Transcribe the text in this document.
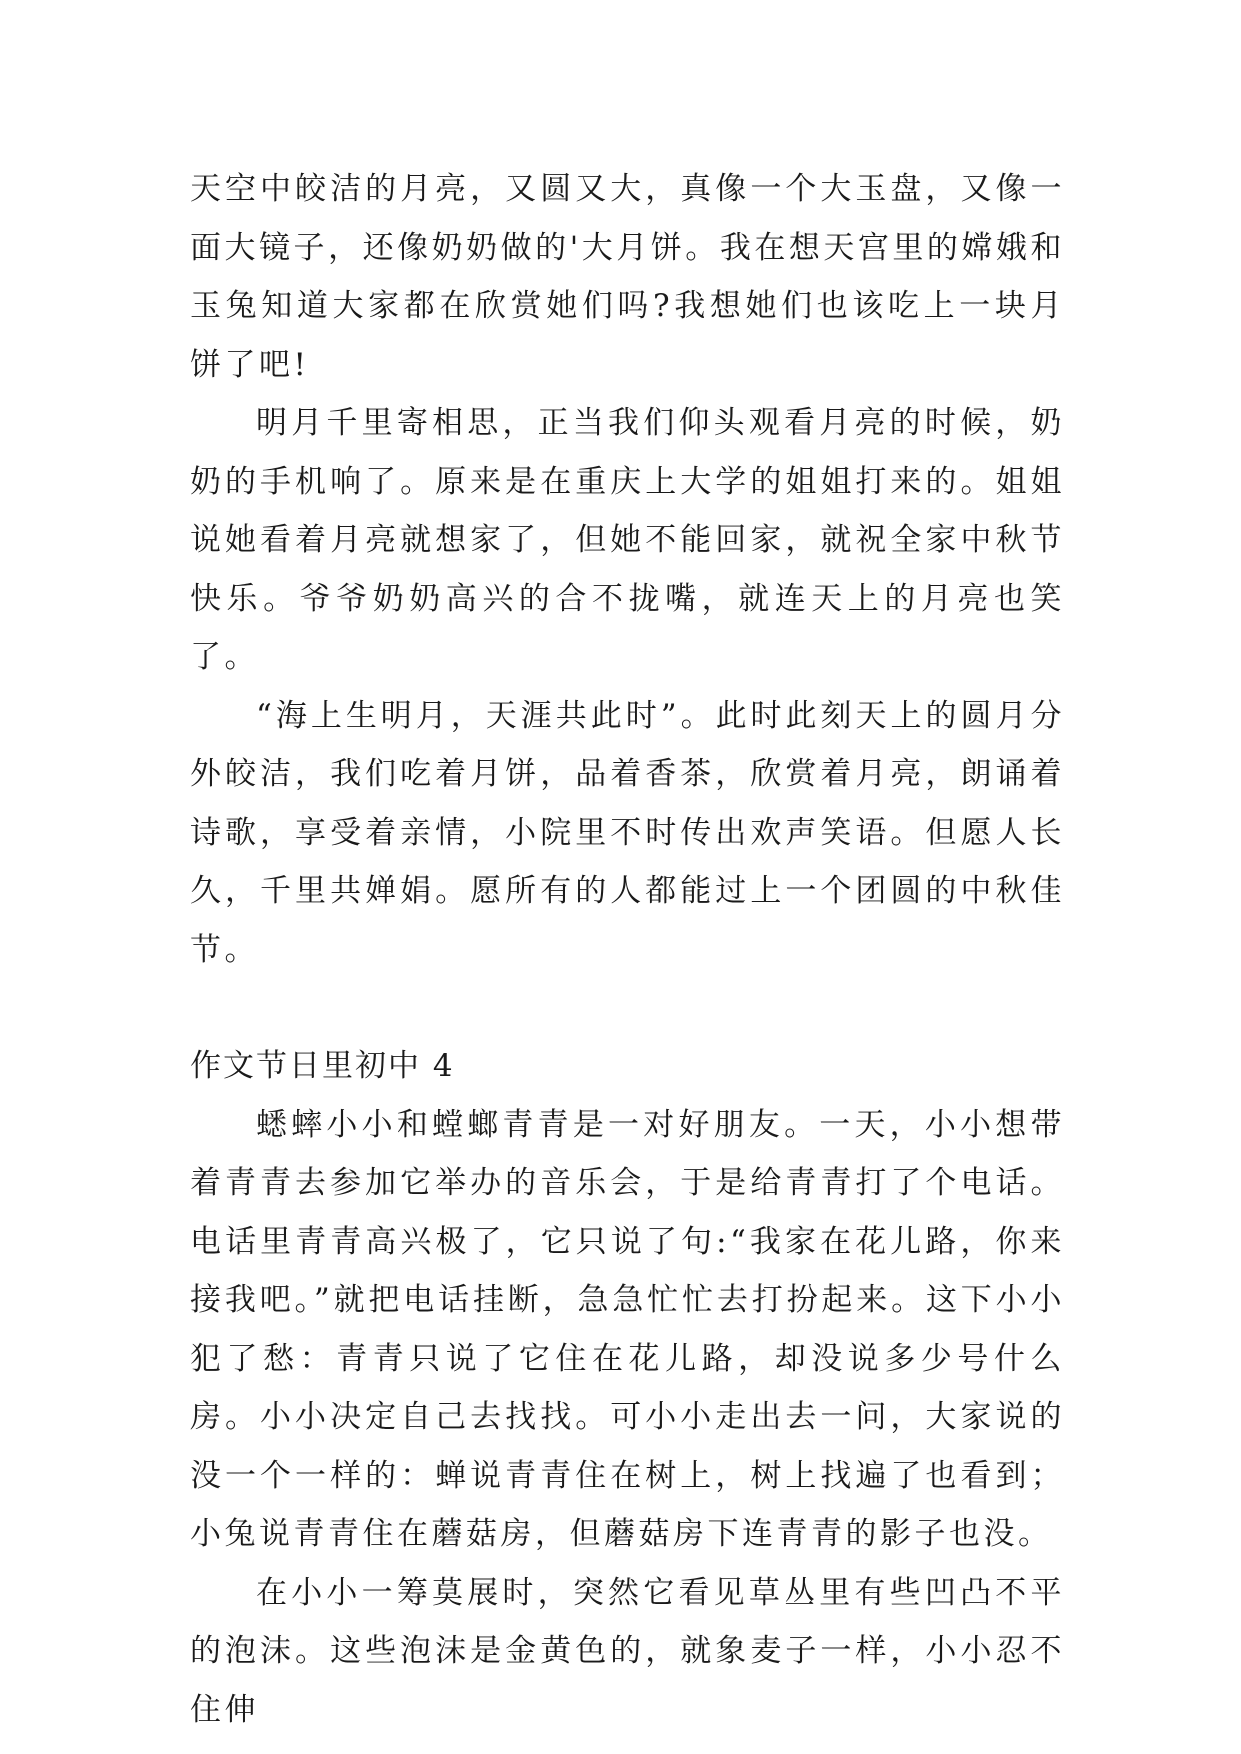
天空中皎洁的月亮，又圆又大，真像一个大玉盘，又像一面大镜子，还像奶奶做的'大月饼。我在想天宫里的嫦娥和玉兔知道大家都在欣赏她们吗?我想她们也该吃上一块月饼了吧!

明月千里寄相思，正当我们仰头观看月亮的时候，奶奶的手机响了。原来是在重庆上大学的姐姐打来的。姐姐说她看着月亮就想家了，但她不能回家，就祝全家中秋节快乐。爷爷奶奶高兴的合不拢嘴，就连天上的月亮也笑了。

“海上生明月，天涯共此时”。此时此刻天上的圆月分外皎洁，我们吃着月饼，品着香茶，欣赏着月亮，朗诵着诗歌，享受着亲情，小院里不时传出欢声笑语。但愿人长久，千里共婵娟。愿所有的人都能过上一个团圆的中秋佳节。

作文节日里初中 4

蟋蟀小小和螳螂青青是一对好朋友。一天，小小想带着青青去参加它举办的音乐会，于是给青青打了个电话。电话里青青高兴极了，它只说了句:“我家在花儿路，你来接我吧。”就把电话挂断，急急忙忙去打扮起来。这下小小犯了愁：青青只说了它住在花儿路，却没说多少号什么房。小小决定自己去找找。可小小走出去一问，大家说的没一个一样的：蝉说青青住在树上，树上找遍了也看到；小兔说青青住在蘑菇房，但蘑菇房下连青青的影子也没。

在小小一筹莫展时，突然它看见草丛里有些凹凸不平的泡沫。这些泡沫是金黄色的，就象麦子一样，小小忍不住伸
